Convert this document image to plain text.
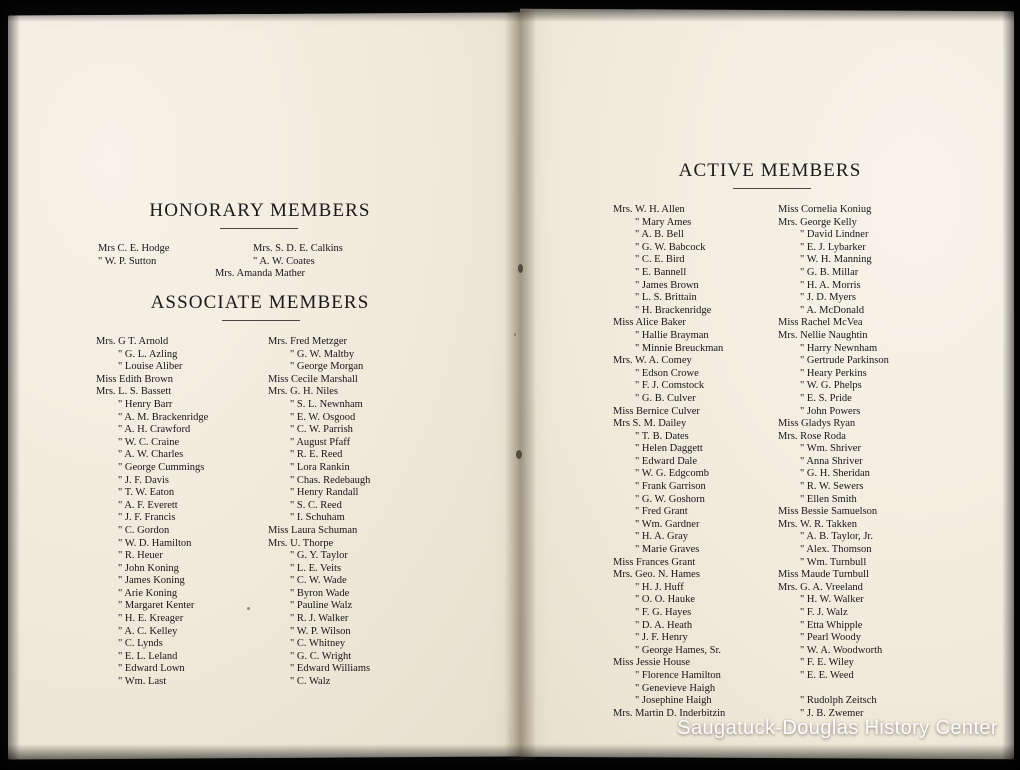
HONORARY MEMBERS
Mrs C. E. Hodge
" W. P. Sutton
Mrs. S. D. E. Calkins
" A. W. Coates
Mrs. Amanda Mather
ASSOCIATE MEMBERS
Mrs. G T. Arnold
" G. L. Azling
" Louise Aliber
Miss Edith Brown
Mrs. L. S. Bassett
" Henry Barr
" A. M. Brackenridge
" A. H. Crawford
" W. C. Craine
" A. W. Charles
" George Cummings
" J. F. Davis
" T. W. Eaton
" A. F. Everett
" J. F. Francis
" C. Gordon
" W. D. Hamilton
" R. Heuer
" John Koning
" James Koning
" Arie Koning
" Margaret Kenter
" H. E. Kreager
" A. C. Kelley
" C. Lynds
" E. L. Leland
" Edward Lown
" Wm. Last
Mrs. Fred Metzger
" G. W. Maltby
" George Morgan
Miss Cecile Marshall
Mrs. G. H. Niles
" S. L. Newnham
" E. W. Osgood
" C. W. Parrish
" August Pfaff
" R. E. Reed
" Lora Rankin
" Chas. Redebaugh
" Henry Randall
" S. C. Reed
" I. Schuham
Miss Laura Schuman
Mrs. U. Thorpe
" G. Y. Taylor
" L. E. Veits
" C. W. Wade
" Byron Wade
" Pauline Walz
" R. J. Walker
" W. P. Wilson
" C. Whitney
" G. C. Wright
" Edward Williams
" C. Walz
ACTIVE MEMBERS
Mrs. W. H. Allen
" Mary Ames
" A. B. Bell
" G. W. Babcock
" C. E. Bird
" E. Bannell
" James Brown
" L. S. Brittain
" H. Brackenridge
Miss Alice Baker
" Hallie Brayman
" Minnie Breuckman
Mrs. W. A. Comey
" Edson Crowe
" F. J. Comstock
" G. B. Culver
Miss Bernice Culver
Mrs S. M. Dailey
" T. B. Dates
" Helen Daggett
" Edward Dale
" W. G. Edgcomb
" Frank Garrison
" G. W. Goshorn
" Fred Grant
" Wm. Gardner
" H. A. Gray
" Marie Graves
Miss Frances Grant
Mrs. Geo. N. Hames
" H. J. Huff
" O. O. Hauke
" F. G. Hayes
" D. A. Heath
" J. F. Henry
" George Hames, Sr.
Miss Jessie House
" Florence Hamilton
" Genevieve Haigh
" Josephine Haigh
Mrs. Martin D. Inderbitzin
Miss Cornelia Koniug
Mrs. George Kelly
" David Lindner
" E. J. Lybarker
" W. H. Manning
" G. B. Millar
" H. A. Morris
" J. D. Myers
" A. McDonald
Miss Rachel McVea
Mrs. Nellie Naughtin
" Harry Newnham
" Gertrude Parkinson
" Heary Perkins
" W. G. Phelps
" E. S. Pride
" John Powers
Miss Gladys Ryan
Mrs. Rose Roda
" Wm. Shriver
" Anna Shriver
" G. H. Sheridan
" R. W. Sewers
" Ellen Smith
Miss Bessie Samuelson
Mrs. W. R. Takken
" A. B. Taylor, Jr.
" Alex. Thomson
" Wm. Turnbull
Miss Maude Turnbull
Mrs. G. A. Vreeland
" H. W. Walker
" F. J. Walz
" Etta Whipple
" Pearl Woody
" W. A. Woodworth
" F. E. Wiley
" E. E. Weed

" Rudolph Zeitsch
" J. B. Zwemer
Saugatuck-Douglas History Center
